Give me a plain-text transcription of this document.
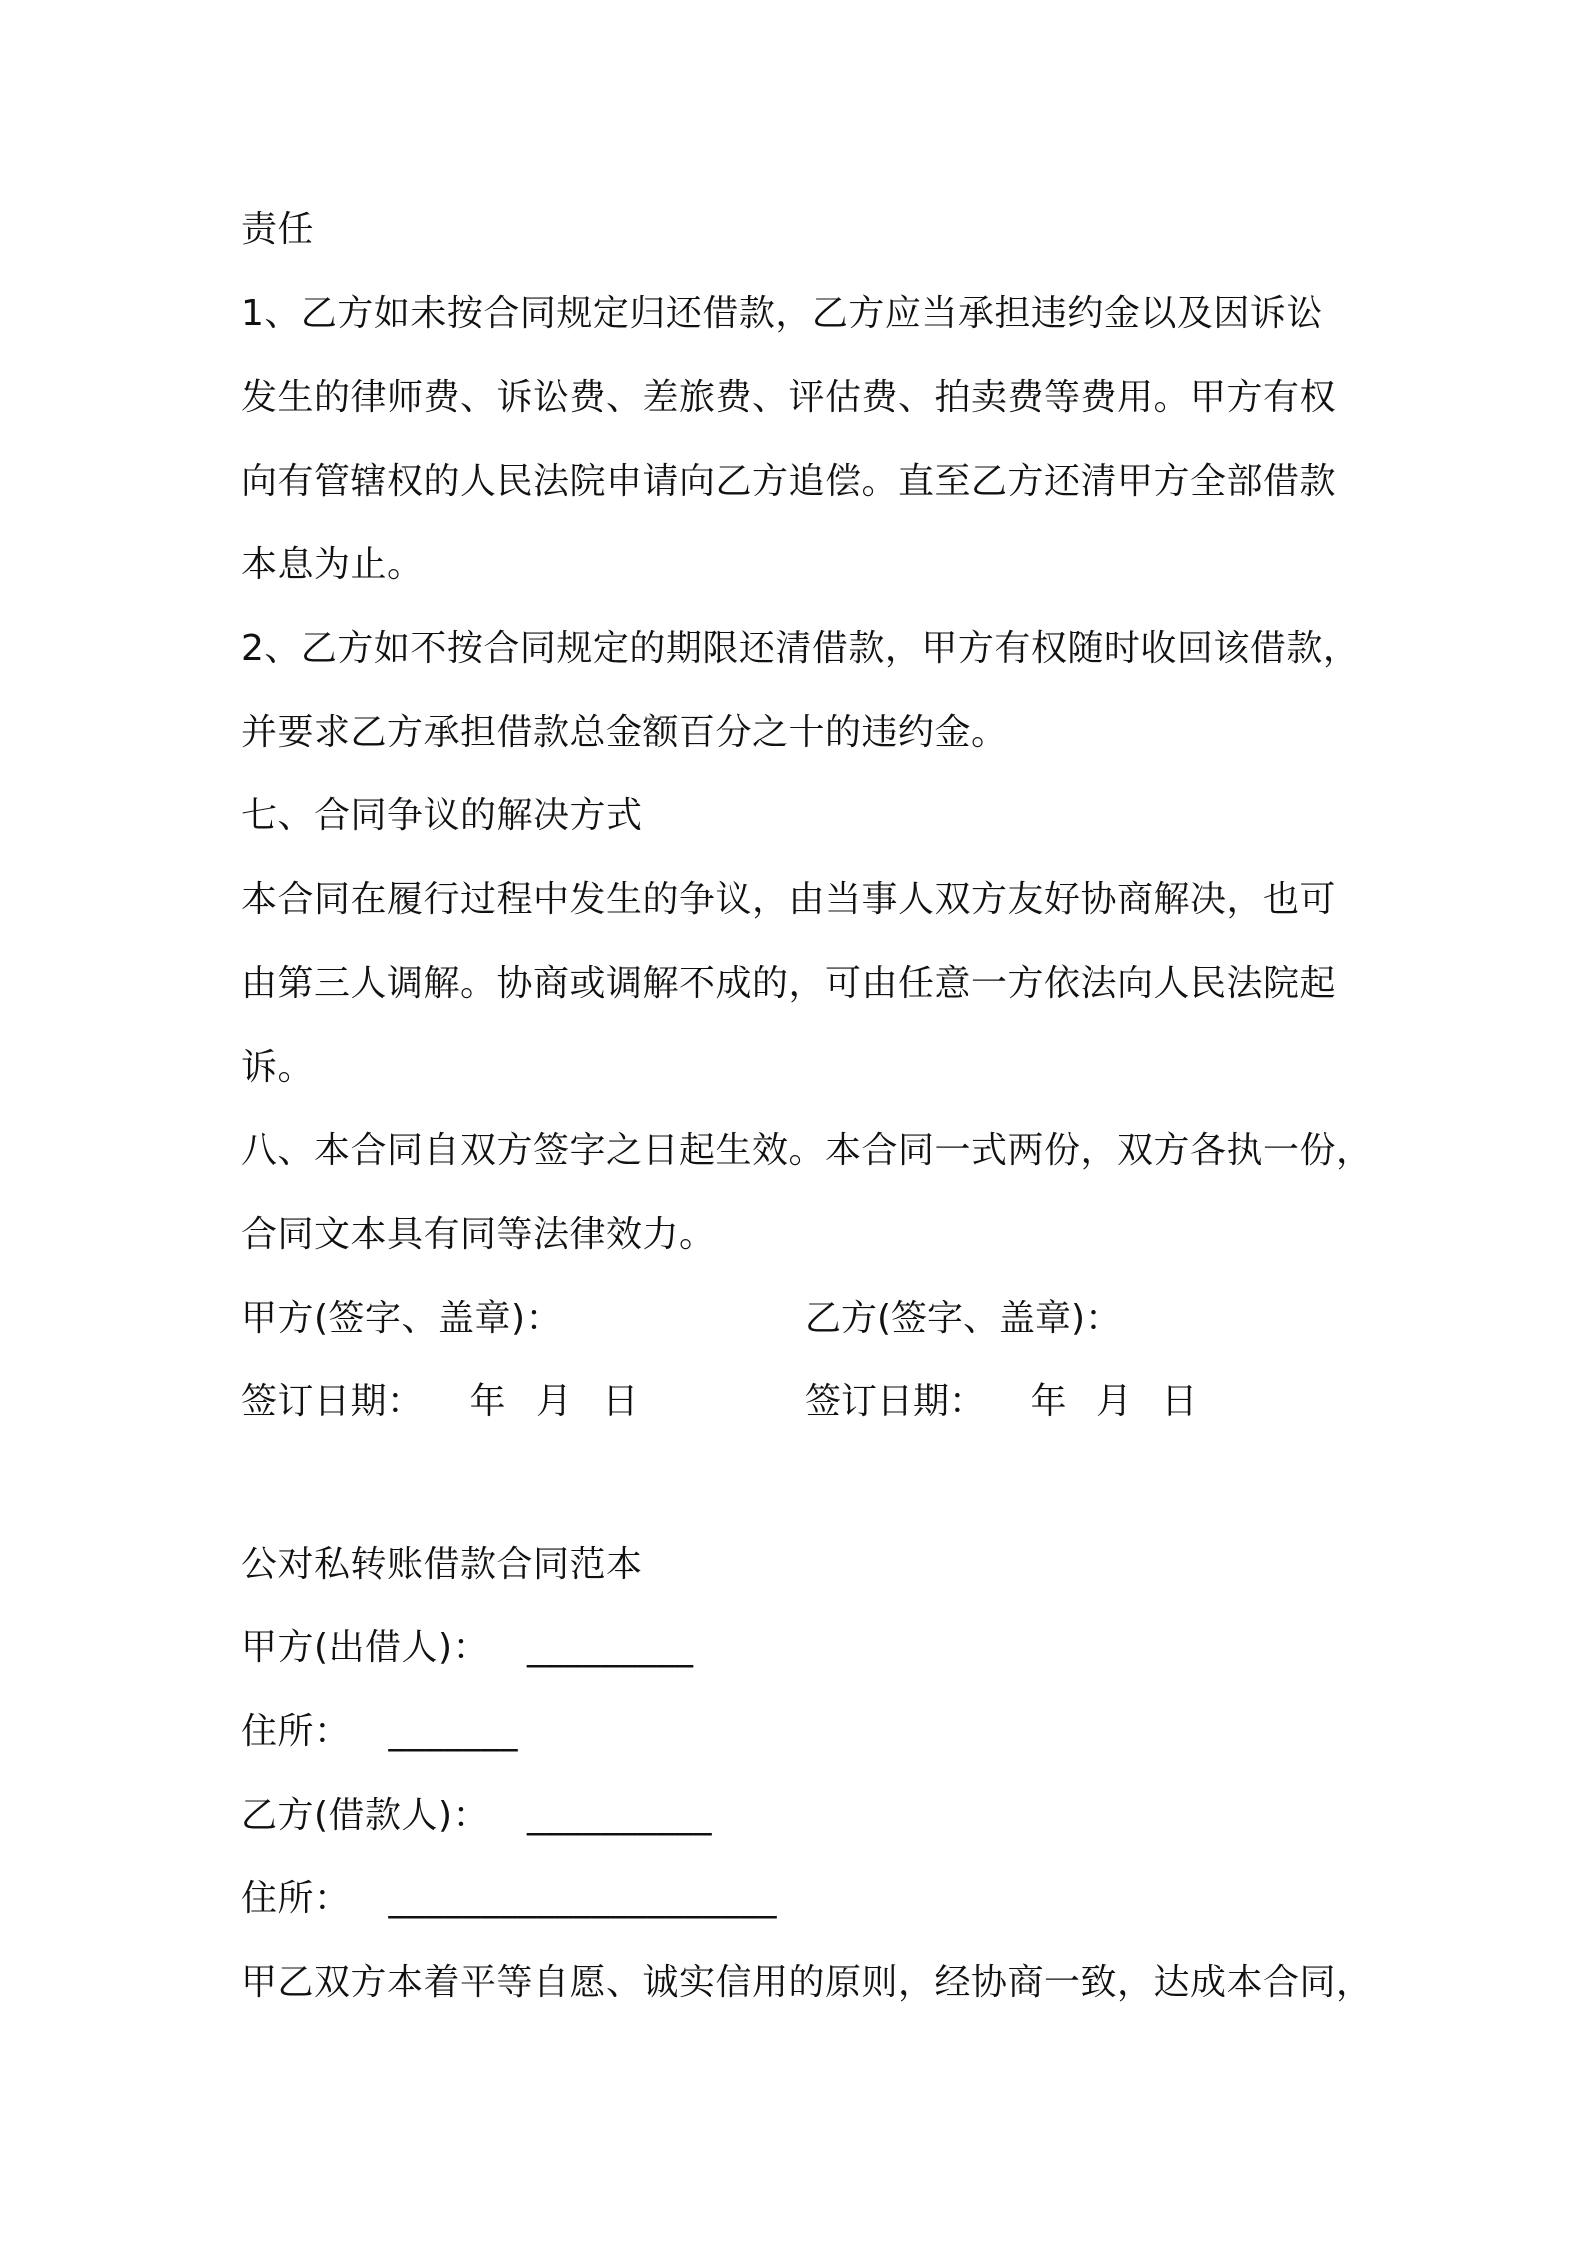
责任
1、乙方如未按合同规定归还借款，乙方应当承担违约金以及因诉讼
发生的律师费、诉讼费、差旅费、评估费、拍卖费等费用。甲方有权
向有管辖权的人民法院申请向乙方追偿。直至乙方还清甲方全部借款
本息为止。
2、乙方如不按合同规定的期限还清借款，甲方有权随时收回该借款，
并要求乙方承担借款总金额百分之十的违约金。
七、合同争议的解决方式
本合同在履行过程中发生的争议，由当事人双方友好协商解决，也可
由第三人调解。协商或调解不成的，可由任意一方依法向人民法院起
诉。
八、本合同自双方签字之日起生效。本合同一式两份，双方各执一份，
合同文本具有同等法律效力。
甲方(签字、盖章)：	乙方(签字、盖章)：
签订日期： 年 月 日	签订日期： 年 月 日
公对私转账借款合同范本
甲方(出借人)： _________
住所： _______
乙方(借款人)： __________
住所： _____________________
甲乙双方本着平等自愿、诚实信用的原则，经协商一致，达成本合同，
